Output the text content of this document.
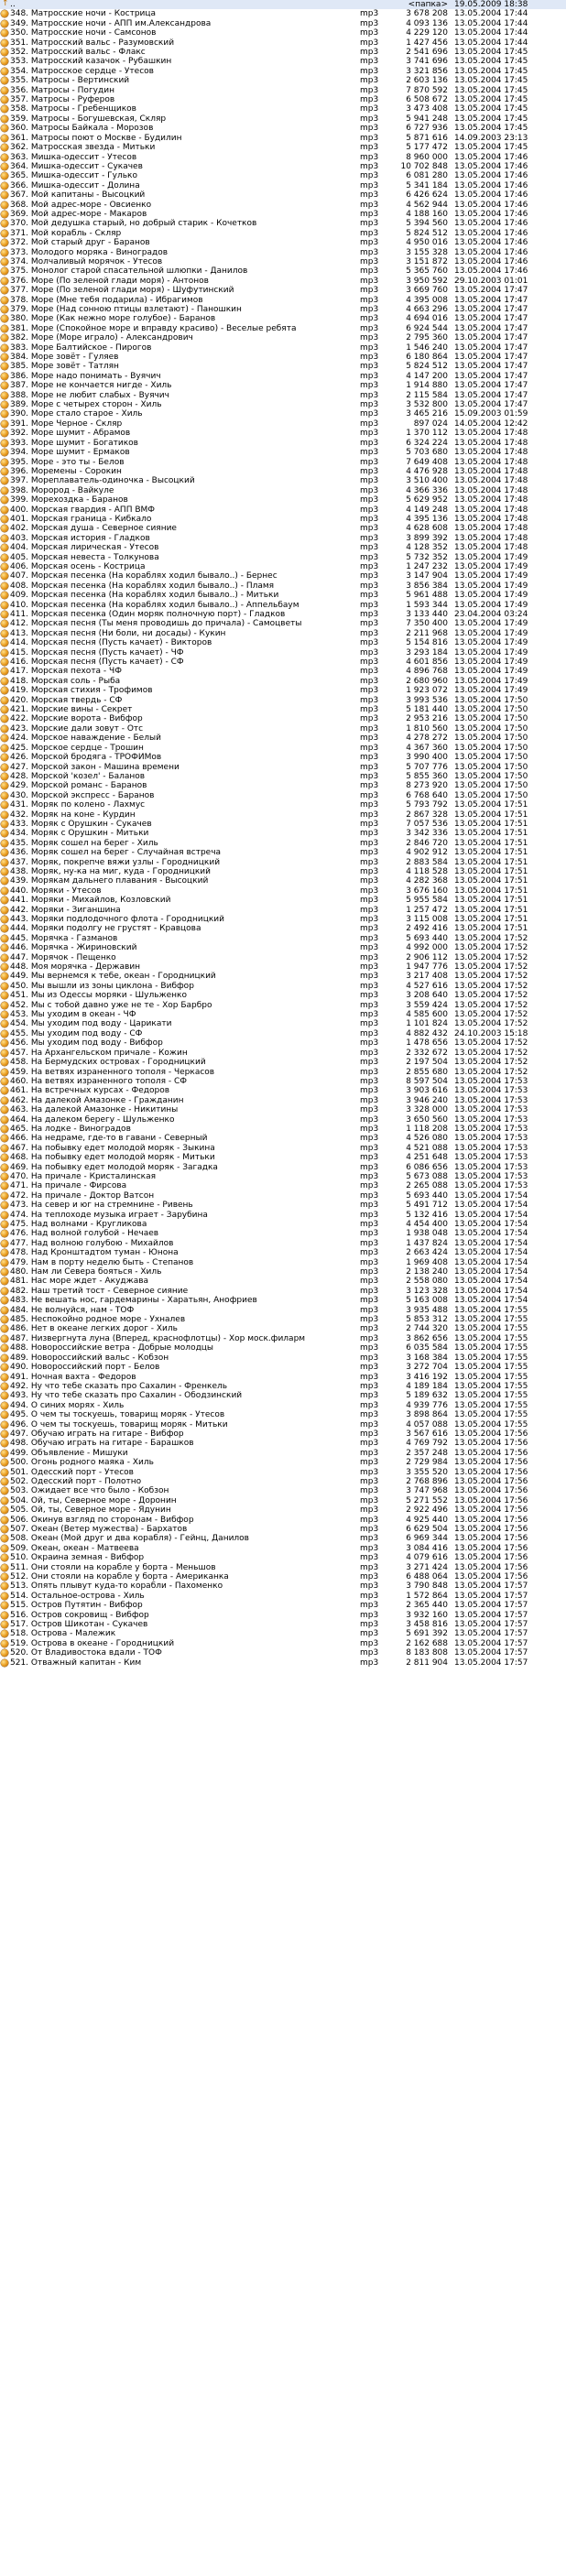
↑
..	<папка> 19.05.2009 18:38
348. Матросские ночи - Кострица	mp3	3 678 208 13.05.2004 17:44
349. Матросские ночи - АПП им.Александрова	mp3	4 093 136 13.05.2004 17:44
350. Матросские ночи - Самсонов	mp3	4 229 120 13.05.2004 17:44
351. Матросский вальс - Разумовский	mp3	1 427 456 13.05.2004 17:44
352. Матросский вальс - Флакс	mp3	2 541 696 13.05.2004 17:45
353. Матросский казачок - Рубашкин	mp3	3 741 696 13.05.2004 17:45
354. Матросское сердце - Утесов	mp3	3 321 856 13.05.2004 17:45
355. Матросы - Вертинский	mp3	2 603 136 13.05.2004 17:45
356. Матросы - Погудин	mp3	7 870 592 13.05.2004 17:45
357. Матросы - Руферов	mp3	6 508 672 13.05.2004 17:45
358. Матросы - Гребенщиков	mp3	3 473 408 13.05.2004 17:45
359. Матросы - Богушевская, Скляр	mp3	5 941 248 13.05.2004 17:45
360. Матросы Байкала - Морозов	mp3	6 727 936 13.05.2004 17:45
361. Матросы поют о Москве - Будилин	mp3	5 871 616 14.09.2003 23:13
362. Матросская звезда - Митьки	mp3	5 177 472 13.05.2004 17:45
363. Мишка-одессит - Утесов	mp3	8 960 000 13.05.2004 17:46
364. Мишка-одессит - Сукачев	mp3	10 702 848 13.05.2004 17:46
365. Мишка-одессит - Гулько	mp3	6 081 280 13.05.2004 17:46
366. Мишка-одессит - Долина	mp3	5 341 184 13.05.2004 17:46
367. Мой капитаны - Высоцкий	mp3	6 426 624 13.05.2004 17:46
368. Мой адрес-море - Овсиенко	mp3	4 562 944 13.05.2004 17:46
369. Мой адрес-море - Макаров	mp3	4 188 160 13.05.2004 17:46
370. Мой дедушка старый, но добрый старик - Кочетков	mp3	5 394 560 13.05.2004 17:46
371. Мой корабль - Скляр	mp3	5 824 512 13.05.2004 17:46
372. Мой старый друг - Баранов	mp3	4 950 016 13.05.2004 17:46
373. Молодого моряка - Виноградов	mp3	3 155 328 13.05.2004 17:46
374. Молчаливый морячок - Утесов	mp3	3 151 872 13.05.2004 17:46
375. Монолог старой спасательной шлюпки - Данилов	mp3	5 365 760 13.05.2004 17:46
376. Море (По зеленой глади моря) - Антонов	mp3	3 950 592 29.10.2003 01:01
377. Море (По зеленой глади моря) - Шуфутинский	mp3	3 669 760 13.05.2004 17:47
378. Море (Мне тебя подарила) - Ибрагимов	mp3	4 395 008 13.05.2004 17:47
379. Море (Над сонною птицы взлетают) - Паношкин	mp3	4 663 296 13.05.2004 17:47
380. Море (Как нежно море голубое) - Баранов	mp3	4 694 016 13.05.2004 17:47
381. Море (Спокойное море и вправду красиво) - Веселые ребята	mp3	6 924 544 13.05.2004 17:47
382. Море (Море играло) - Александрович	mp3	2 795 360 13.05.2004 17:47
383. Море Балтийское - Пирогов	mp3	1 546 240 13.05.2004 17:47
384. Море зовёт - Гуляев	mp3	6 180 864 13.05.2004 17:47
385. Море зовёт - Татлян	mp3	5 824 512 13.05.2004 17:47
386. Море надо понимать - Вуячич	mp3	4 147 200 13.05.2004 17:47
387. Море не кончается нигде - Хиль	mp3	1 914 880 13.05.2004 17:47
388. Море не любит слабых - Вуячич	mp3	2 115 584 13.05.2004 17:47
389. Море с четырех сторон - Хиль	mp3	3 532 800 13.05.2004 17:47
390. Море стало старое - Хиль	mp3	3 465 216 15.09.2003 01:59
391. Море Черное - Скляр	mp3	897 024 14.05.2004 12:42
392. Море шумит - Абрамов	mp3	1 370 112 13.05.2004 17:48
393. Море шумит - Богатиков	mp3	6 324 224 13.05.2004 17:48
394. Море шумит - Ермаков	mp3	5 703 680 13.05.2004 17:48
395. Море - это ты - Белов	mp3	7 649 408 13.05.2004 17:48
396. Моремены - Сорокин	mp3	4 476 928 13.05.2004 17:48
397. Мореплаватель-одиночка - Высоцкий	mp3	3 510 400 13.05.2004 17:48
398. Морород - Вайкуле	mp3	4 366 336 13.05.2004 17:48
399. Морехоздка - Баранов	mp3	5 629 952 13.05.2004 17:48
400. Морская гвардия - АПП ВМФ	mp3	4 149 248 13.05.2004 17:48
401. Морская граница - Кибкало	mp3	4 395 136 13.05.2004 17:48
402. Морская душа - Северное сияние	mp3	4 628 608 13.05.2004 17:48
403. Морская история - Гладков	mp3	3 899 392 13.05.2004 17:48
404. Морская лирическая - Утесов	mp3	4 128 352 13.05.2004 17:48
405. Морская невеста - Толкунова	mp3	5 732 352 13.05.2004 17:49
406. Морская осень - Кострица	mp3	1 247 232 13.05.2004 17:49
407. Морская песенка (На кораблях ходил бывало..) - Бернес	mp3	3 147 904 13.05.2004 17:49
408. Морская песенка (На кораблях ходил бывало..) - Пламя	mp3	3 856 384 13.05.2004 17:49
409. Морская песенка (На кораблях ходил бывало..) - Митьки	mp3	5 961 488 13.05.2004 17:49
410. Морская песенка (На кораблях ходил бывало..) - Аппельбаум	mp3	1 593 344 13.05.2004 17:49
411. Морская песенка (Один моряк полночную порт) - Гладков	mp3	3 133 440 23.04.2004 03:24
412. Морская песня (Ты меня проводишь до причала) - Самоцветы	mp3	7 350 400 13.05.2004 17:49
413. Морская песня (Ни боли, ни досады) - Кукин	mp3	2 211 968 13.05.2004 17:49
414. Морская песня (Пусть качает) - Викторов	mp3	5 154 816 13.05.2004 17:49
415. Морская песня (Пусть качает) - ЧФ	mp3	3 293 184 13.05.2004 17:49
416. Морская песня (Пусть качает) - СФ	mp3	4 601 856 13.05.2004 17:49
417. Морская пехота - ЧФ	mp3	4 896 768 13.05.2004 17:49
418. Морская соль - Рыба	mp3	2 680 960 13.05.2004 17:49
419. Морская стихия - Трофимов	mp3	1 923 072 13.05.2004 17:49
420. Морская твердь - СФ	mp3	3 993 536 13.05.2004 17:50
421. Морские вины - Секрет	mp3	5 181 440 13.05.2004 17:50
422. Морские ворота - Вибфор	mp3	2 953 216 13.05.2004 17:50
423. Морские дали зовут - Отс	mp3	1 810 560 13.05.2004 17:50
424. Морское наваждение - Белый	mp3	4 278 272 13.05.2004 17:50
425. Морское сердце - Трошин	mp3	4 367 360 13.05.2004 17:50
426. Морской бродяга - ТРОФИМов	mp3	3 990 400 13.05.2004 17:50
427. Морской закон - Машина времени	mp3	5 707 776 13.05.2004 17:50
428. Морской 'козел' - Баланов	mp3	5 855 360 13.05.2004 17:50
429. Морской романс - Баранов	mp3	8 273 920 13.05.2004 17:50
430. Морской экспресс - Баранов	mp3	6 768 640 13.05.2004 17:50
431. Моряк по колено - Лахмус	mp3	5 793 792 13.05.2004 17:51
432. Моряк на коне - Курдин	mp3	2 867 328 13.05.2004 17:51
433. Моряк с Орушкин - Сукачев	mp3	7 057 536 13.05.2004 17:51
434. Моряк с Орушкин - Митьки	mp3	3 342 336 13.05.2004 17:51
435. Моряк сошел на берег - Хиль	mp3	2 846 720 13.05.2004 17:51
436. Моряк сошел на берег - Случайная встреча	mp3	4 902 912 13.05.2004 17:51
437. Моряк, покрепче вяжи узлы - Городницкий	mp3	2 883 584 13.05.2004 17:51
438. Моряк, ну-ка на миг, куда - Городницкий	mp3	4 118 528 13.05.2004 17:51
439. Морякам дальнего плавания - Высоцкий	mp3	4 282 368 13.05.2004 17:51
440. Моряки - Утесов	mp3	3 676 160 13.05.2004 17:51
441. Моряки - Михайлов, Козловский	mp3	5 955 584 13.05.2004 17:51
442. Моряки - Зиганшина	mp3	1 257 472 13.05.2004 17:51
443. Моряки подлодочного флота - Городницкий	mp3	3 115 008 13.05.2004 17:51
444. Моряки подолгу не грустят - Кравцова	mp3	2 492 416 13.05.2004 17:51
445. Морячка - Газманов	mp3	5 693 440 13.05.2004 17:52
446. Морячка - Жириновский	mp3	4 992 000 13.05.2004 17:52
447. Морячок - Пещенко	mp3	2 906 112 13.05.2004 17:52
448. Моя морячка - Державин	mp3	1 947 776 13.05.2004 17:52
449. Мы вернемся к тебе, океан - Городницкий	mp3	3 217 408 13.05.2004 17:52
450. Мы вышли из зоны циклона - Вибфор	mp3	4 527 616 13.05.2004 17:52
451. Мы из Одессы моряки - Шульженко	mp3	3 208 640 13.05.2004 17:52
452. Мы с тобой давно уже не те - Хор Барбро	mp3	3 559 424 13.05.2004 17:52
453. Мы уходим в океан - ЧФ	mp3	4 585 600 13.05.2004 17:52
454. Мы уходим под воду - Царикати	mp3	1 101 824 13.05.2004 17:52
455. Мы уходим под воду - СФ	mp3	4 882 432 24.10.2003 15:18
456. Мы уходим под воду - Вибфор	mp3	1 478 656 13.05.2004 17:52
457. На Архангельском причале - Кожин	mp3	2 332 672 13.05.2004 17:52
458. На Бермудских островах - Городницкий	mp3	2 197 504 13.05.2004 17:52
459. На ветвях израненного тополя - Черкасов	mp3	2 855 680 13.05.2004 17:52
460. На ветвях израненного тополя - СФ	mp3	8 597 504 13.05.2004 17:53
461. На встречных курсах - Федоров	mp3	3 903 616 13.05.2004 17:53
462. На далекой Амазонке - Гражданин	mp3	3 946 240 13.05.2004 17:53
463. На далекой Амазонке - Никитины	mp3	3 328 000 13.05.2004 17:53
464. На далеком берегу - Шульженко	mp3	3 650 560 13.05.2004 17:53
465. На лодке - Виноградов	mp3	1 118 208 13.05.2004 17:53
466. На недраме, где-то в гавани - Северный	mp3	4 526 080 13.05.2004 17:53
467. На побывку едет молодой моряк - Зыкина	mp3	4 521 088 13.05.2004 17:53
468. На побывку едет молодой моряк - Митьки	mp3	4 251 648 13.05.2004 17:53
469. На побывку едет молодой моряк - Загадка	mp3	6 086 656 13.05.2004 17:53
470. На причале - Кристалинская	mp3	5 673 088 13.05.2004 17:53
471. На причале - Фирсова	mp3	2 265 088 13.05.2004 17:53
472. На причале - Доктор Ватсон	mp3	5 693 440 13.05.2004 17:54
473. На север и юг на стремнине - Ривень	mp3	5 491 712 13.05.2004 17:54
474. На теплоходе музыка играет - Зарубина	mp3	5 132 416 13.05.2004 17:54
475. Над волнами - Кругликова	mp3	4 454 400 13.05.2004 17:54
476. Над волной голубой - Нечаев	mp3	1 938 048 13.05.2004 17:54
477. Над волною голубою - Михайлов	mp3	1 437 824 13.05.2004 17:54
478. Над Кронштадтом туман - Юнона	mp3	2 663 424 13.05.2004 17:54
479. Нам в порту неделю быть - Степанов	mp3	1 969 408 13.05.2004 17:54
480. Нам ли Севера бояться - Хиль	mp3	2 138 240 13.05.2004 17:54
481. Нас море ждет - Акуджава	mp3	2 558 080 13.05.2004 17:54
482. Наш третий тост - Северное сияние	mp3	3 123 328 13.05.2004 17:54
483. Не вешать нос, гардемарины - Харатьян, Анофриев	mp3	5 163 008 13.05.2004 17:54
484. Не волнуйся, нам - ТОФ	mp3	3 935 488 13.05.2004 17:55
485. Неспокойно родное море - Ухналев	mp3	5 853 312 13.05.2004 17:55
486. Нет в океане легких дорог - Хиль	mp3	2 744 320 13.05.2004 17:55
487. Низвергнута луна (Вперед, краснофлотцы) - Хор моск.филарм	mp3	3 862 656 13.05.2004 17:55
488. Новоросcийские ветра - Добрые молодцы	mp3	6 035 584 13.05.2004 17:55
489. Новороссийский вальс - Кобзон	mp3	3 168 384 13.05.2004 17:55
490. Новороссийский порт - Белов	mp3	3 272 704 13.05.2004 17:55
491. Ночная вахта - Федоров	mp3	3 416 192 13.05.2004 17:55
492. Ну что тебе сказать про Сахалин - Френкель	mp3	4 189 184 13.05.2004 17:55
493. Ну что тебе сказать про Сахалин - Ободзинский	mp3	5 189 632 13.05.2004 17:55
494. О синих морях - Хиль	mp3	4 939 776 13.05.2004 17:55
495. О чем ты тоскуешь, товарищ моряк - Утесов	mp3	3 898 864 13.05.2004 17:55
496. О чем ты тоскуешь, товарищ моряк - Митьки	mp3	4 057 088 13.05.2004 17:55
497. Обучаю играть на гитаре - Вибфор	mp3	3 567 616 13.05.2004 17:56
498. Обучаю играть на гитаре - Барашков	mp3	4 769 792 13.05.2004 17:56
499. Объявление - Мишуки	mp3	2 357 248 13.05.2004 17:56
500. Огонь родного маяка - Хиль	mp3	2 729 984 13.05.2004 17:56
501. Одесский порт - Утесов	mp3	3 355 520 13.05.2004 17:56
502. Одесский порт - Полотно	mp3	2 768 896 13.05.2004 17:56
503. Ожидает все что было - Кобзон	mp3	3 747 968 13.05.2004 17:56
504. Ой, ты, Северное море - Доронин	mp3	5 271 552 13.05.2004 17:56
505. Ой, ты, Северное море - Ядунин	mp3	2 922 496 13.05.2004 17:56
506. Окинув взгляд по сторонам - Вибфор	mp3	4 925 440 13.05.2004 17:56
507. Океан (Ветер мужества) - Бархатов	mp3	6 629 504 13.05.2004 17:56
508. Океан (Мой друг и два корабля) - Гейнц, Данилов	mp3	6 969 344 13.05.2004 17:56
509. Океан, океан - Матвеева	mp3	3 084 416 13.05.2004 17:56
510. Окраина земная - Вибфор	mp3	4 079 616 13.05.2004 17:56
511. Они стояли на корабле у борта - Меньшов	mp3	3 271 424 13.05.2004 17:56
512. Они стояли на корабле у борта - Американка	mp3	6 488 064 13.05.2004 17:56
513. Опять плывут куда-то корабли - Пахоменко	mp3	3 790 848 13.05.2004 17:57
514. Остальное-острова - Хиль	mp3	1 572 864 13.05.2004 17:57
515. Остров Путятин - Вибфор	mp3	2 365 440 13.05.2004 17:57
516. Остров сокровищ - Вибфор	mp3	3 932 160 13.05.2004 17:57
517. Остров Шикотан - Сукачев	mp3	3 458 816 13.05.2004 17:57
518. Острова - Малежик	mp3	5 691 392 13.05.2004 17:57
519. Острова в океане - Городницкий	mp3	2 162 688 13.05.2004 17:57
520. От Владивостока вдали - ТОФ	mp3	8 183 808 13.05.2004 17:57
521. Отважный капитан - Ким	mp3	2 811 904 13.05.2004 17:57
